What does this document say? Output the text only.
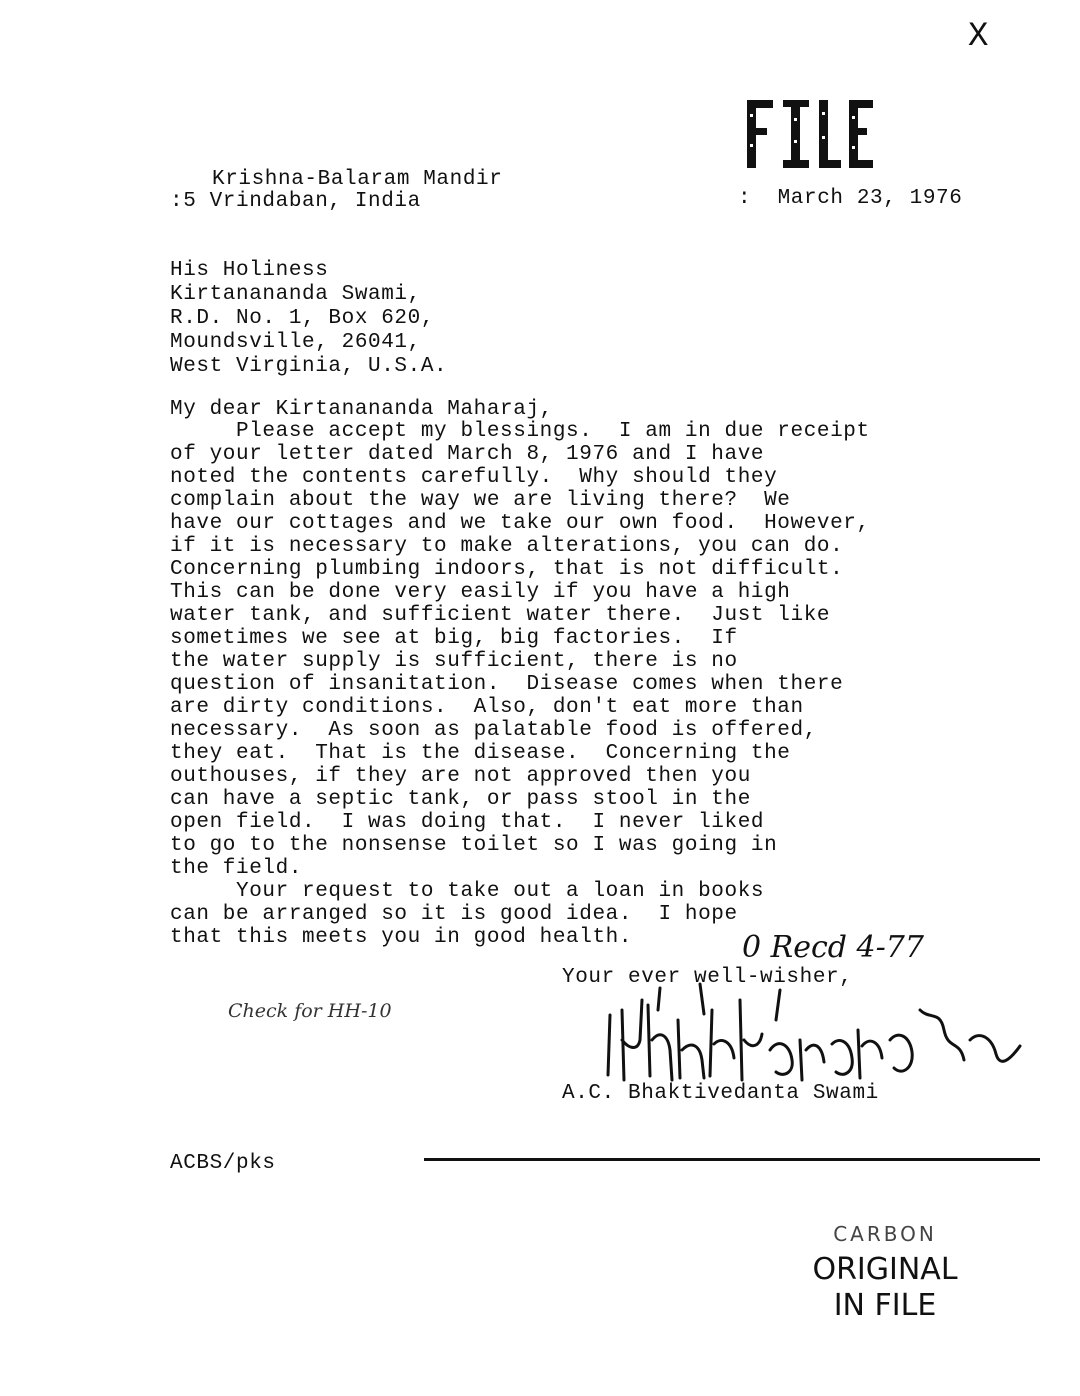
X
Krishna-Balaram Mandir
:5 Vrindaban, India	:  March 23, 1976
His Holiness
Kirtanananda Swami,
R.D. No. 1, Box 620,
Moundsville, 26041,
West Virginia, U.S.A.
My dear Kirtanananda Maharaj,
Please accept my blessings.  I am in due receipt
of your letter dated March 8, 1976 and I have
noted the contents carefully.  Why should they
complain about the way we are living there?  We
have our cottages and we take our own food.  However,
if it is necessary to make alterations, you can do.
Concerning plumbing indoors, that is not difficult.
This can be done very easily if you have a high
water tank, and sufficient water there.  Just like
sometimes we see at big, big factories.  If
the water supply is sufficient, there is no
question of insanitation.  Disease comes when there
are dirty conditions.  Also, don't eat more than
necessary.  As soon as palatable food is offered,
they eat.  That is the disease.  Concerning the
outhouses, if they are not approved then you
can have a septic tank, or pass stool in the
open field.  I was doing that.  I never liked
to go to the nonsense toilet so I was going in
the field.
Your request to take out a loan in books
can be arranged so it is good idea.  I hope
that this meets you in good health.	0 Recd 4-77
Your ever well-wisher,
Check for HH-10
A.C. Bhaktivedanta Swami
ACBS/pks
CARBON
ORIGINAL
IN FILE
